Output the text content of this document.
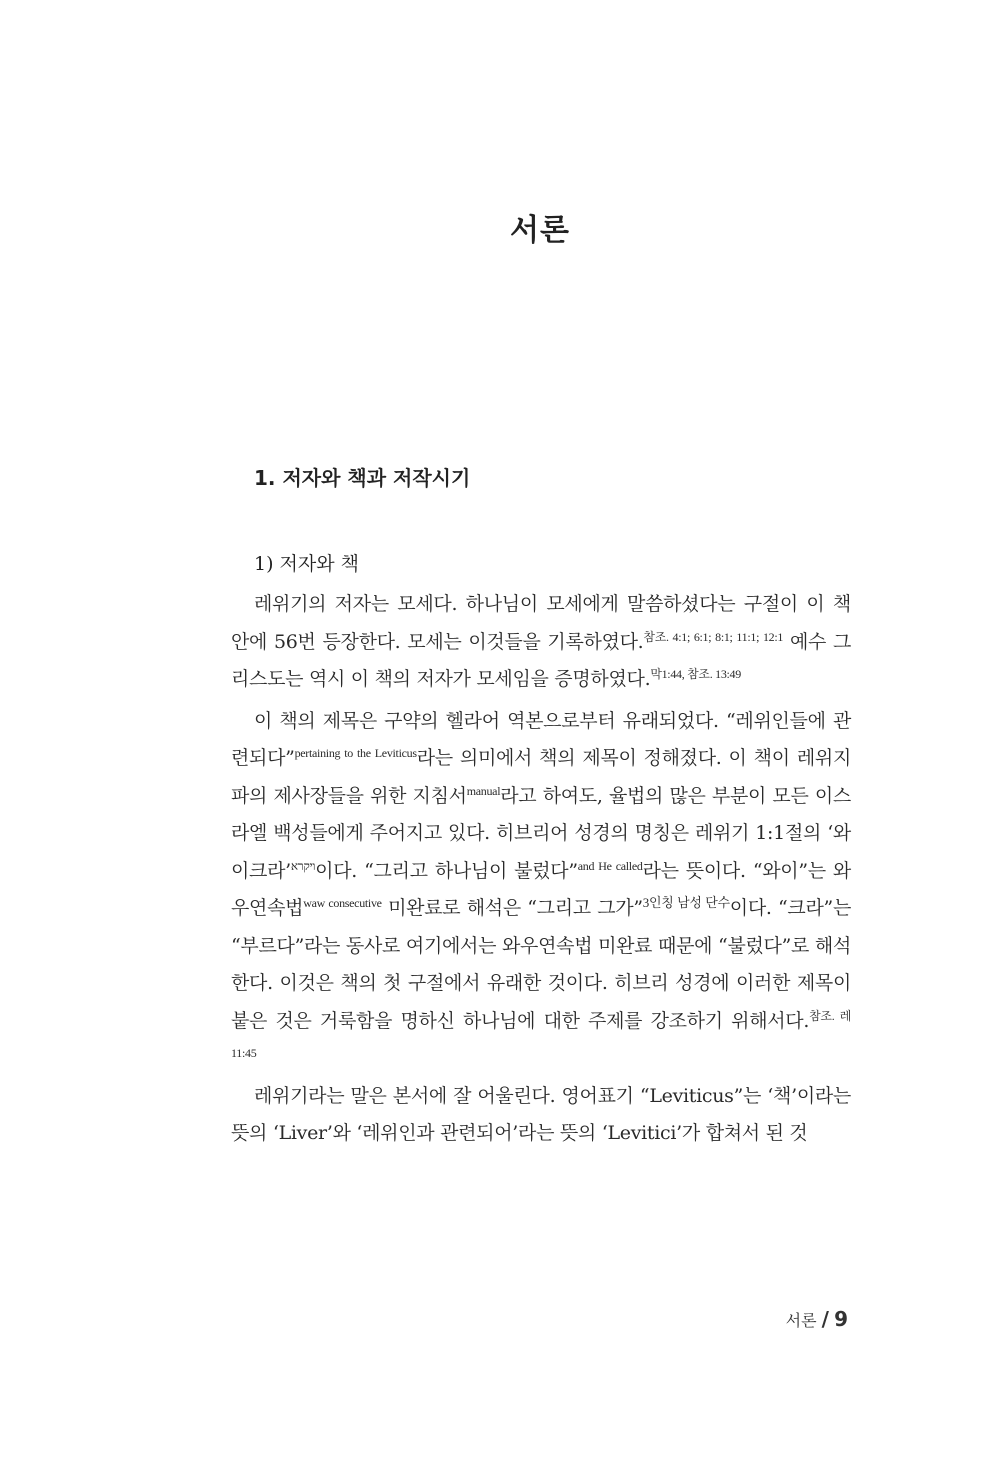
서론
1. 저자와 책과 저작시기
1) 저자와 책

레위기의 저자는 모세다. 하나님이 모세에게 말씀하셨다는 구절이 이 책 안에 56번 등장한다. 모세는 이것들을 기록하였다.$^{참조. 4:1; 6:1; 8:1; 11:1; 12:1}$ 예수 그리스도는 역시 이 책의 저자가 모세임을 증명하였다.$^{막1:44, 참조. 13:49}$

이 책의 제목은 구약의 헬라어 역본으로부터 유래되었다. “레위인들에 관련되다”$^{pertaining to the Leviticus}$라는 의미에서 책의 제목이 정해졌다. 이 책이 레위지파의 제사장들을 위한 지침서$^{manual}$라고 하여도, 율법의 많은 부분이 모든 이스라엘 백성들에게 주어지고 있다. 히브리어 성경의 명칭은 레위기 1:1절의 ‘와이크라’$^{ויקרא}$이다. “그리고 하나님이 불렀다”$^{and He called}$라는 뜻이다. “와이”는 와우연속법$^{waw consecutive}$ 미완료로 해석은 “그리고 그가”$^{3인칭 남성 단수}$이다. “크라”는 “부르다”라는 동사로 여기에서는 와우연속법 미완료 때문에 “불렀다”로 해석한다. 이것은 책의 첫 구절에서 유래한 것이다. 히브리 성경에 이러한 제목이 붙은 것은 거룩함을 명하신 하나님에 대한 주제를 강조하기 위해서다.$^{참조. 레11:45}$

레위기라는 말은 본서에 잘 어울린다. 영어표기 “Leviticus”는 ‘책’이라는 뜻의 ‘Liver’와 ‘레위인과 관련되어’라는 뜻의 ‘Levitici’가 합쳐서 된 것

서론 / 9
